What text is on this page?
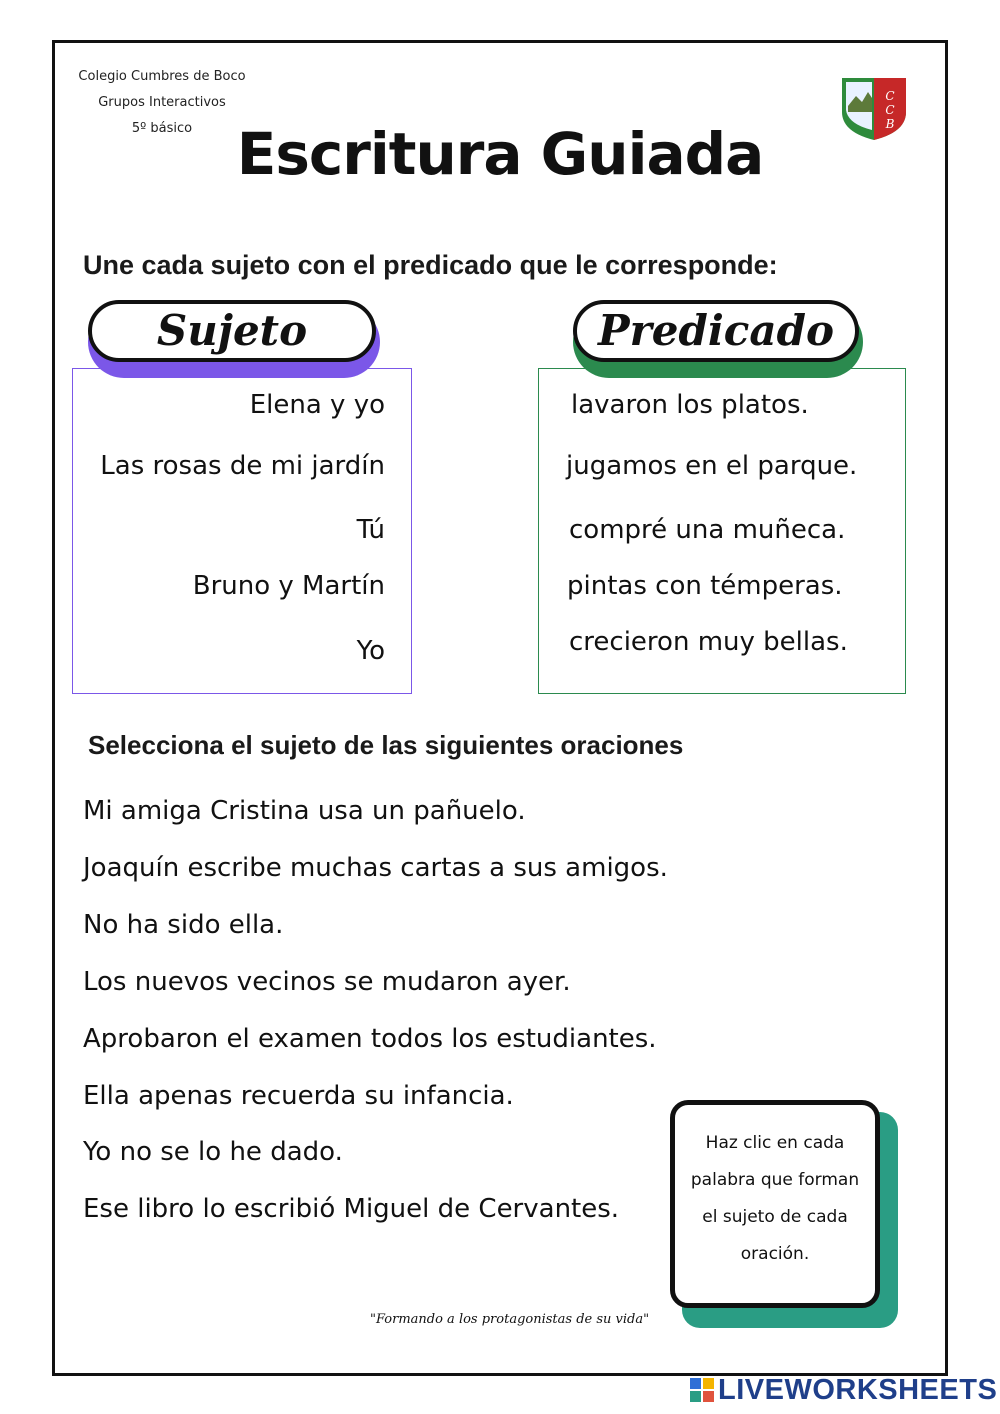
Colegio Cumbres de Boco
Grupos Interactivos
5º básico Escritura Guiada
C
C
B
Une cada sujeto con el predicado que le corresponde:
Sujeto	Predicado
Elena y yo
Las rosas de mi jardín
Tú
Bruno y Martín
Yo
lavaron los platos.
jugamos en el parque.
compré una muñeca.
pintas con témperas.
crecieron muy bellas.
Selecciona el sujeto de las siguientes oraciones
Mi amiga Cristina usa un pañuelo.
Joaquín escribe muchas cartas a sus amigos.
No ha sido ella.
Los nuevos vecinos se mudaron ayer.
Aprobaron el examen todos los estudiantes.
Ella apenas recuerda su infancia.
Yo no se lo he dado.
Ese libro lo escribió Miguel de Cervantes.
Haz clic en cada
palabra que forman
el sujeto de cada
oración.
"Formando a los protagonistas de su vida"
LIVEWORKSHEETS
